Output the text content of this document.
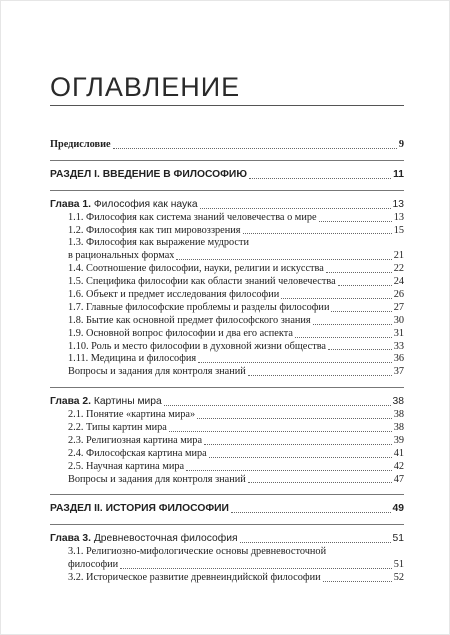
ОГЛАВЛЕНИЕ
Предисловие	9
РАЗДЕЛ I. ВВЕДЕНИЕ В ФИЛОСОФИЮ	11
Глава 1. Философия как наука	13
1.1. Философия как система знаний человечества о мире	13
1.2. Философия как тип мировоззрения	15
1.3. Философия как выражение мудрости
в рациональных формах	21
1.4. Соотношение философии, науки, религии и искусства	22
1.5. Специфика философии как области знаний человечества	24
1.6. Объект и предмет исследования философии	26
1.7. Главные философские проблемы и разделы философии	27
1.8. Бытие как основной предмет философского знания	30
1.9. Основной вопрос философии и два его аспекта	31
1.10. Роль и место философии в духовной жизни общества	33
1.11. Медицина и философия	36
Вопросы и задания для контроля знаний	37
Глава 2. Картины мира	38
2.1. Понятие «картина мира»	38
2.2. Типы картин мира	38
2.3. Религиозная картина мира	39
2.4. Философская картина мира	41
2.5. Научная картина мира	42
Вопросы и задания для контроля знаний	47
РАЗДЕЛ II. ИСТОРИЯ ФИЛОСОФИИ	49
Глава 3. Древневосточная философия	51
3.1. Религиозно-мифологические основы древневосточной
философии	51
3.2. Историческое развитие древнеиндийской философии	52
